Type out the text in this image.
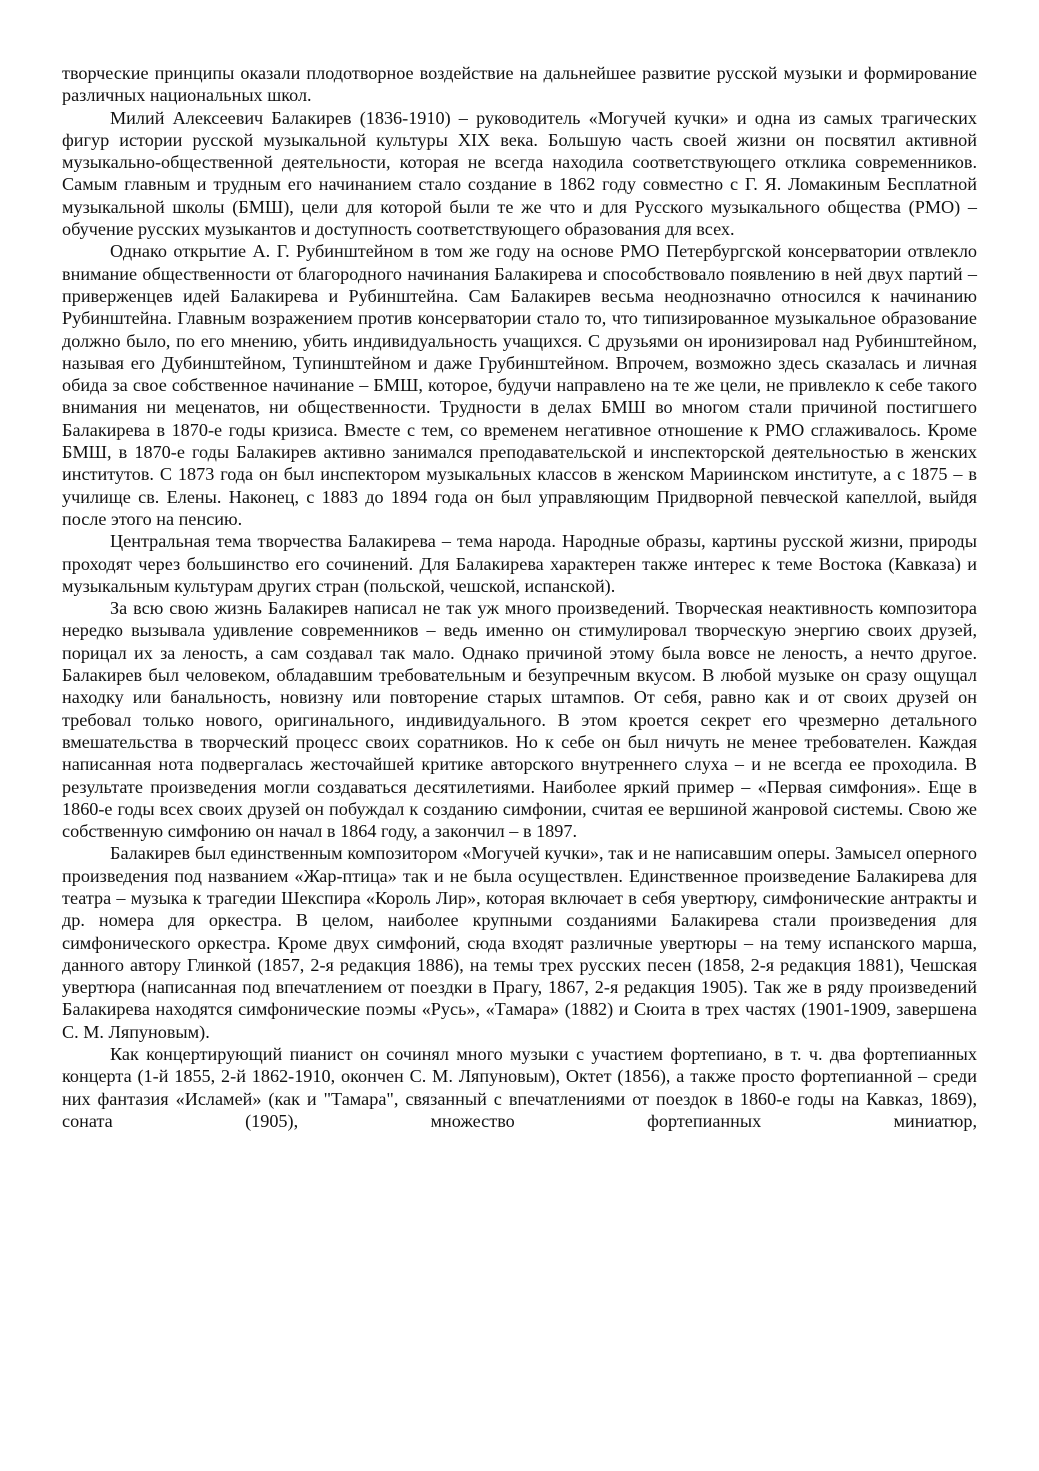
творческие принципы оказали плодотворное воздействие на дальнейшее развитие русской музыки и формирование различных национальных школ.

Милий Алексеевич Балакирев (1836-1910) – руководитель «Могучей кучки» и одна из самых трагических фигур истории русской музыкальной культуры XIX века. Большую часть своей жизни он посвятил активной музыкально-общественной деятельности, которая не всегда находила соответствующего отклика современников. Самым главным и трудным его начинанием стало создание в 1862 году совместно с Г. Я. Ломакиным Бесплатной музыкальной школы (БМШ), цели для которой были те же что и для Русского музыкального общества (РМО) –обучение русских музыкантов и доступность соответствующего образования для всех.

Однако открытие А. Г. Рубинштейном в том же году на основе РМО Петербургской консерватории отвлекло внимание общественности от благородного начинания Балакирева и способствовало появлению в ней двух партий – приверженцев идей Балакирева и Рубинштейна. Сам Балакирев весьма неоднозначно относился к начинанию Рубинштейна. Главным возражением против консерватории стало то, что типизированное музыкальное образование должно было, по его мнению, убить индивидуальность учащихся. С друзьями он иронизировал над Рубинштейном, называя его Дубинштейном, Тупинштейном и даже Грубинштейном. Впрочем, возможно здесь сказалась и личная обида за свое собственное начинание – БМШ, которое, будучи направлено на те же цели, не привлекло к себе такого внимания ни меценатов, ни общественности. Трудности в делах БМШ во многом стали причиной постигшего Балакирева в 1870-е годы кризиса. Вместе с тем, со временем негативное отношение к РМО сглаживалось. Кроме БМШ, в 1870-е годы Балакирев активно занимался преподавательской и инспекторской деятельностью в женских институтов. С 1873 года он был инспектором музыкальных классов в женском Мариинском институте, а с 1875 – в училище св. Елены. Наконец, с 1883 до 1894 года он был управляющим Придворной певческой капеллой, выйдя после этого на пенсию.

Центральная тема творчества Балакирева – тема народа. Народные образы, картины русской жизни, природы проходят через большинство его сочинений. Для Балакирева характерен также интерес к теме Востока (Кавказа) и музыкальным культурам других стран (польской, чешской, испанской).

За всю свою жизнь Балакирев написал не так уж много произведений. Творческая неактивность композитора нередко вызывала удивление современников – ведь именно он стимулировал творческую энергию своих друзей, порицал их за леность, а сам создавал так мало. Однако причиной этому была вовсе не леность, а нечто другое. Балакирев был человеком, обладавшим требовательным и безупречным вкусом. В любой музыке он сразу ощущал находку или банальность, новизну или повторение старых штампов. От себя, равно как и от своих друзей он требовал только нового, оригинального, индивидуального. В этом кроется секрет его чрезмерно детального вмешательства в творческий процесс своих соратников. Но к себе он был ничуть не менее требователен. Каждая написанная нота подвергалась жесточайшей критике авторского внутреннего слуха – и не всегда ее проходила. В результате произведения могли создаваться десятилетиями. Наиболее яркий пример – «Первая симфония». Еще в 1860-е годы всех своих друзей он побуждал к созданию симфонии, считая ее вершиной жанровой системы. Свою же собственную симфонию он начал в 1864 году, а закончил – в 1897.

Балакирев был единственным композитором «Могучей кучки», так и не написавшим оперы. Замысел оперного произведения под названием «Жар-птица» так и не была осуществлен. Единственное произведение Балакирева для театра – музыка к трагедии Шекспира «Король Лир», которая включает в себя увертюру, симфонические антракты и др. номера для оркестра. В целом, наиболее крупными созданиями Балакирева стали произведения для симфонического оркестра. Кроме двух симфоний, сюда входят различные увертюры – на тему испанского марша, данного автору Глинкой (1857, 2-я редакция 1886), на темы трех русских песен (1858, 2-я редакция 1881), Чешская увертюра (написанная под впечатлением от поездки в Прагу, 1867, 2-я редакция 1905). Так же в ряду произведений Балакирева находятся симфонические поэмы «Русь», «Тамара» (1882) и Сюита в трех частях (1901-1909, завершена С. М. Ляпуновым).

Как концертирующий пианист он сочинял много музыки с участием фортепиано, в т. ч. два фортепианных концерта (1-й 1855, 2-й 1862-1910, окончен С. М. Ляпуновым), Октет (1856), а также просто фортепианной – среди них фантазия «Исламей» (как и "Тамара", связанный с впечатлениями от поездок в 1860-е годы на Кавказ, 1869), соната (1905), множество фортепианных миниатюр,
